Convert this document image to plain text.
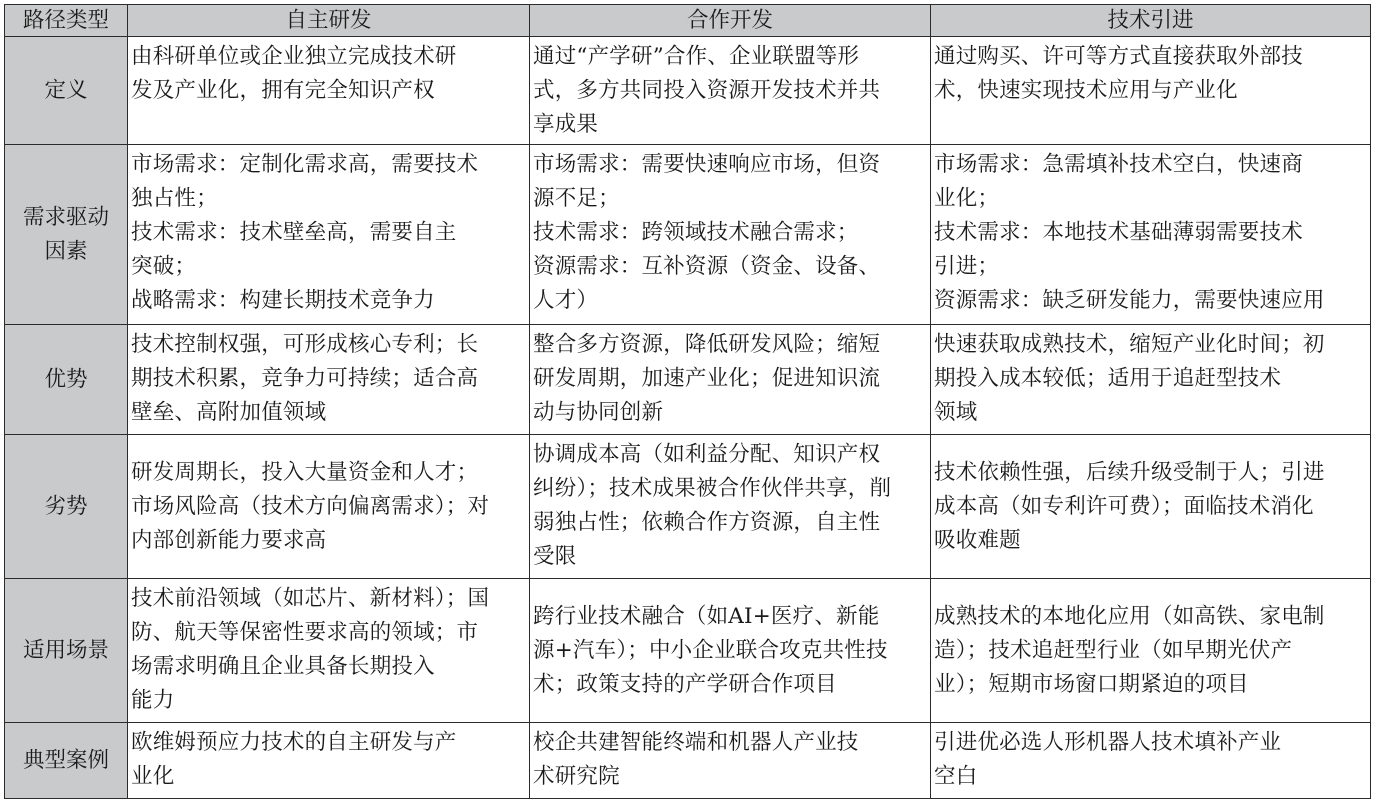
路径类型	自主研发	合作开发	技术引进
定义	由科研单位或企业独立完成技术研
发及产业化，拥有完全知识产权	通过“产学研”合作、企业联盟等形
式，多方共同投入资源开发技术并共
享成果	通过购买、许可等方式直接获取外部技
术，快速实现技术应用与产业化

需求驱动因素	市场需求：定制化需求高，需要技术
独占性；
技术需求：技术壁垒高，需要自主
突破；
战略需求：构建长期技术竞争力	市场需求：需要快速响应市场，但资
源不足；
技术需求：跨领域技术融合需求；
资源需求：互补资源（资金、设备、
人才）	市场需求：急需填补技术空白，快速商
业化；
技术需求：本地技术基础薄弱需要技术
引进；
资源需求：缺乏研发能力，需要快速应用

优势	技术控制权强，可形成核心专利；长
期技术积累，竞争力可持续；适合高
壁垒、高附加值领域	整合多方资源，降低研发风险；缩短
研发周期，加速产业化；促进知识流
动与协同创新	快速获取成熟技术，缩短产业化时间；初
期投入成本较低；适用于追赶型技术
领域

劣势	研发周期长，投入大量资金和人才；
市场风险高（技术方向偏离需求）；对
内部创新能力要求高	协调成本高（如利益分配、知识产权
纠纷）；技术成果被合作伙伴共享，削
弱独占性；依赖合作方资源，自主性
受限	技术依赖性强，后续升级受制于人；引进
成本高（如专利许可费）；面临技术消化
吸收难题

适用场景	技术前沿领域（如芯片、新材料）；国
防、航天等保密性要求高的领域；市
场需求明确且企业具备长期投入
能力	跨行业技术融合（如AI+医疗、新能
源+汽车）；中小企业联合攻克共性技
术；政策支持的产学研合作项目	成熟技术的本地化应用（如高铁、家电制
造）；技术追赶型行业（如早期光伏产
业）；短期市场窗口期紧迫的项目

典型案例	欧维姆预应力技术的自主研发与产
业化	校企共建智能终端和机器人产业技
术研究院	引进优必选人形机器人技术填补产业
空白
